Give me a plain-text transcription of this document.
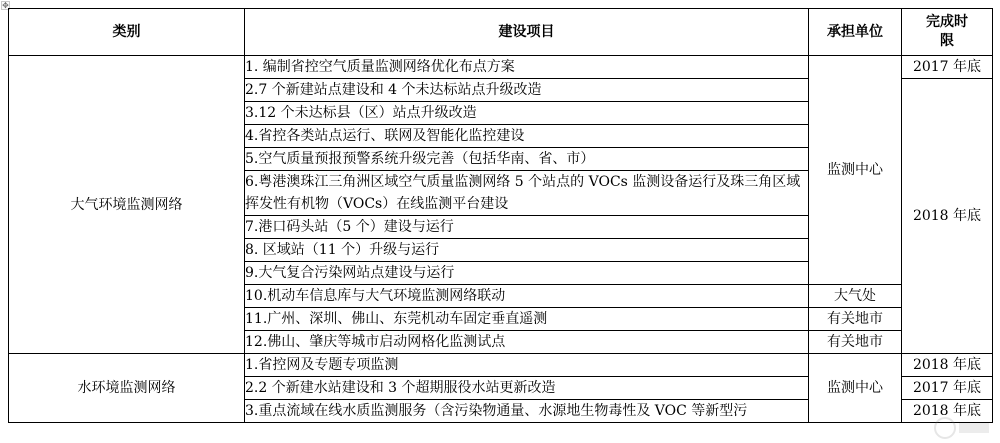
✥
类别	建设项目	承担单位	完成时限
大气环境监测网络	1. 编制省控空气质量监测网络优化布点方案	监测中心	2017 年底
	2.7 个新建站点建设和 4 个未达标站点升级改造		2018 年底
	3.12 个未达标县（区）站点升级改造		
	4.省控各类站点运行、联网及智能化监控建设		
	5.空气质量预报预警系统升级完善（包括华南、省、市）		
	6.粤港澳珠江三角洲区域空气质量监测网络 5 个站点的 VOCs 监测设备运行及珠三角区域挥发性有机物（VOCs）在线监测平台建设		
	7.港口码头站（5 个）建设与运行		
	8. 区域站（11 个）升级与运行		
	9.大气复合污染网站点建设与运行		
	10.机动车信息库与大气环境监测网络联动	大气处	
	11.广州、深圳、佛山、东莞机动车固定垂直遥测	有关地市	
	12.佛山、肇庆等城市启动网格化监测试点	有关地市	
水环境监测网络	1.省控网及专题专项监测	监测中心	2018 年底
	2.2 个新建水站建设和 3 个超期服役水站更新改造		2017 年底
	3.重点流域在线水质监测服务（含污染物通量、水源地生物毒性及 VOC 等新型污		2018 年底
